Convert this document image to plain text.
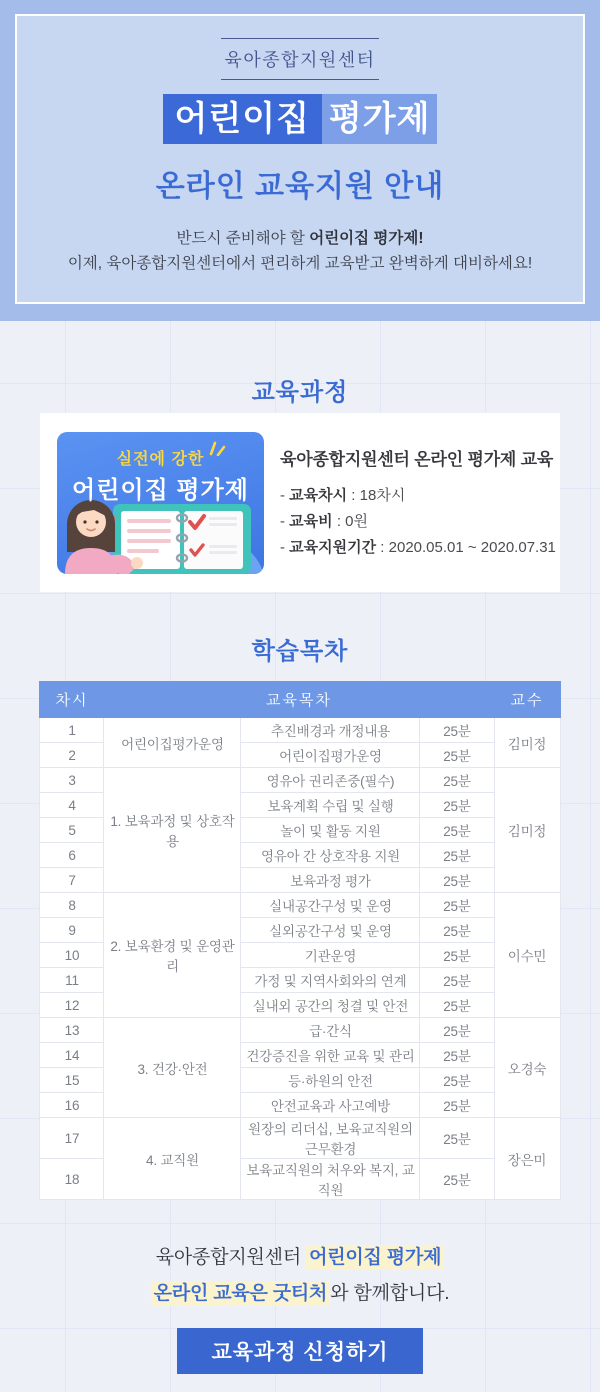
육아종합지원센터
어린이집 평가제
온라인 교육지원 안내
반드시 준비해야 할 어린이집 평가제!
이제, 육아종합지원센터에서 편리하게 교육받고 완벽하게 대비하세요!
교육과정
실전에 강한
어린이집 평가제
육아종합지원센터 온라인 평가제 교육
- 교육차시 : 18차시
- 교육비 : 0원
- 교육지원기간 : 2020.05.01 ~ 2020.07.31
학습목차
차시	교육목차			교수
1	어린이집평가운영	추진배경과 개정내용	25분	김미정
2		어린이집평가운영	25분	
3	1. 보육과정 및 상호작용	영유아 권리존중(필수)	25분	김미정
4		보육계획 수립 및 실행	25분	
5		놀이 및 활동 지원	25분	
6		영유아 간 상호작용 지원	25분	
7		보육과정 평가	25분	
8	2. 보육환경 및 운영관리	실내공간구성 및 운영	25분	이수민
9		실외공간구성 및 운영	25분	
10		기관운영	25분	
11		가정 및 지역사회와의 연계	25분	
12		실내외 공간의 청결 및 안전	25분	
13	3. 건강·안전	급·간식	25분	오경숙
14		건강증진을 위한 교육 및 관리	25분	
15		등·하원의 안전	25분	
16		안전교육과 사고예방	25분	
17	4. 교직원	원장의 리더십, 보육교직원의 근무환경	25분	장은미
18		보육교직원의 처우와 복지, 교직원	25분	
육아종합지원센터 어린이집 평가제
온라인 교육은 굿티처 와 함께합니다.
교육과정 신청하기
